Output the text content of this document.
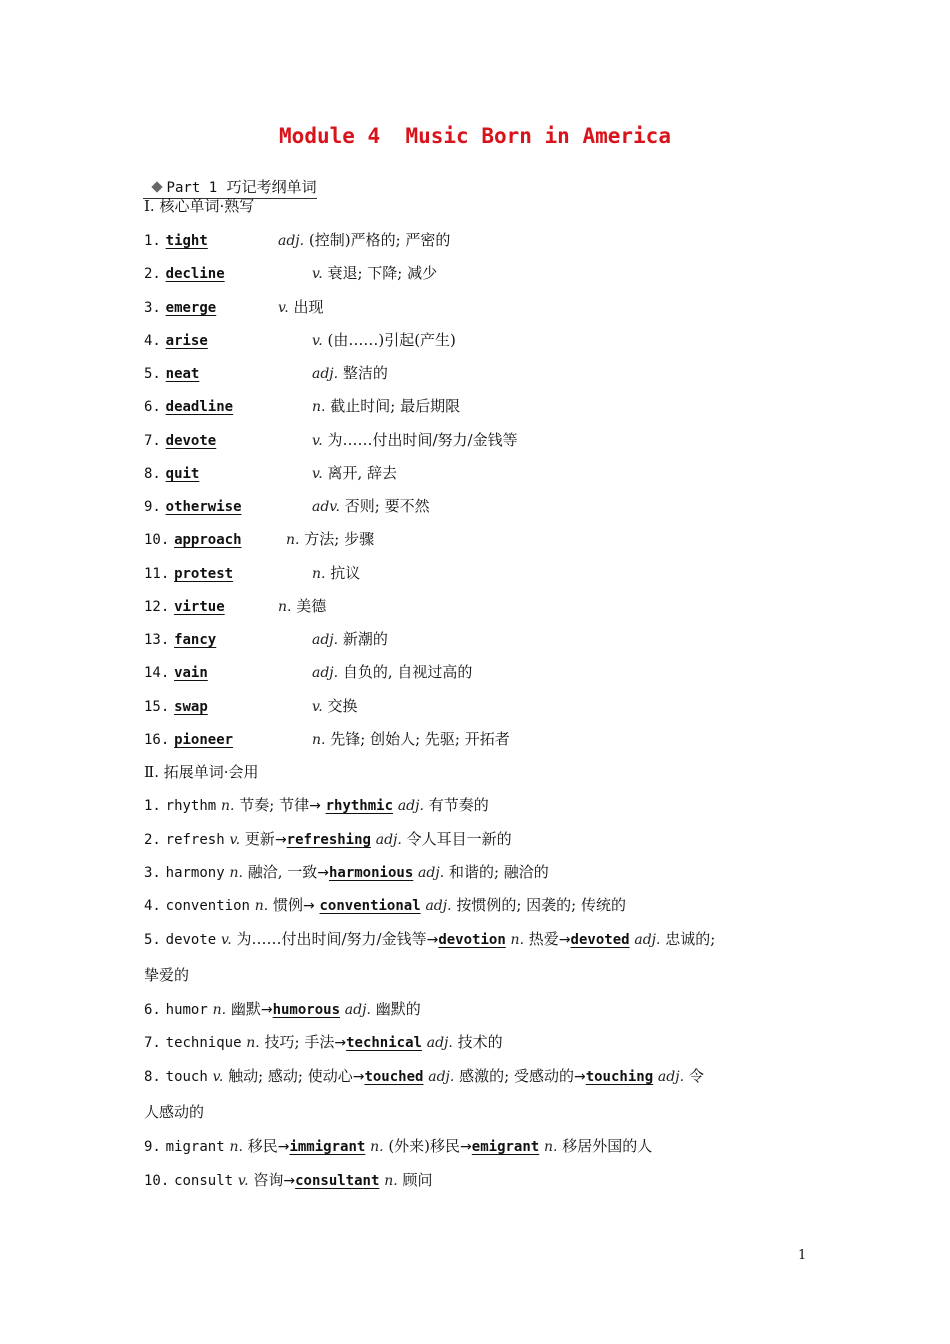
Module 4  Music Born in America

Part 1 巧记考纲单词

Ⅰ. 核心单词·熟写
1. tight	adj. (控制)严格的; 严密的
2. decline	v. 衰退; 下降; 减少
3. emerge	v. 出现
4. arise	v. (由……)引起(产生)
5. neat	adj. 整洁的
6. deadline	n. 截止时间; 最后期限
7. devote	v. 为……付出时间/努力/金钱等
8. quit	v. 离开, 辞去
9. otherwise	adv. 否则; 要不然
10. approach	n. 方法; 步骤
11. protest	n. 抗议
12. virtue	n. 美德
13. fancy	adj. 新潮的
14. vain	adj. 自负的, 自视过高的
15. swap	v. 交换
16. pioneer	n. 先锋; 创始人; 先驱; 开拓者
Ⅱ. 拓展单词·会用
1. rhythm n. 节奏; 节律→ rhythmic adj. 有节奏的
2. refresh v. 更新→refreshing adj. 令人耳目一新的
3. harmony n. 融洽, 一致→harmonious adj. 和谐的; 融洽的
4. convention n. 惯例→ conventional adj. 按惯例的; 因袭的; 传统的
5. devote v. 为……付出时间/努力/金钱等→devotion n. 热爱→devoted adj. 忠诚的;
挚爱的
6. humor n. 幽默→humorous adj. 幽默的
7. technique n. 技巧; 手法→technical adj. 技术的
8. touch v. 触动; 感动; 使动心→touched adj. 感激的; 受感动的→touching adj. 令
人感动的
9. migrant n. 移民→immigrant n. (外来)移民→emigrant n. 移居外国的人
10. consult v. 咨询→consultant n. 顾问
1
